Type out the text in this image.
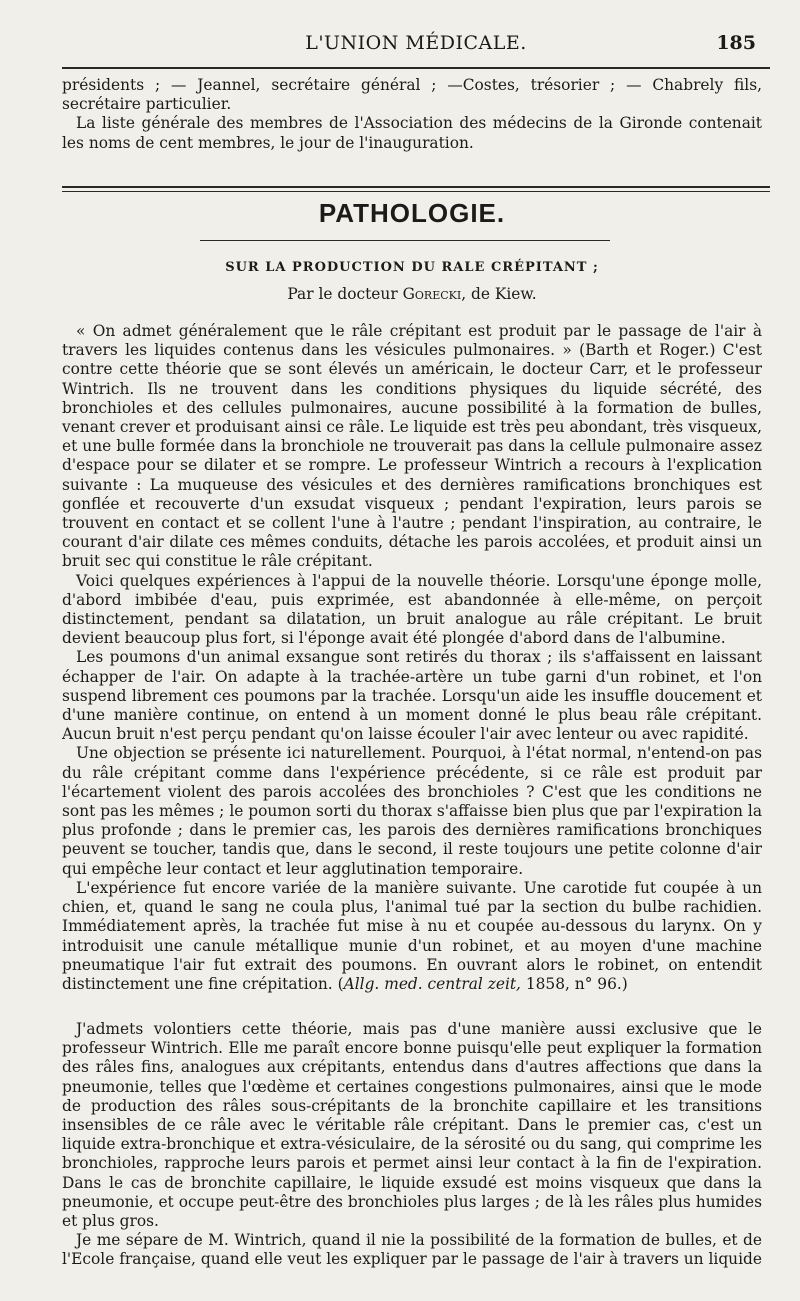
L'UNION MÉDICALE.	185

présidents ; — Jeannel, secrétaire général ; —Costes, trésorier ; — Chabrely fils, secrétaire particulier.

La liste générale des membres de l'Association des médecins de la Gironde contenait les noms de cent membres, le jour de l'inauguration.

PATHOLOGIE.
SUR LA PRODUCTION DU RALE CRÉPITANT ;
Par le docteur Gorecki, de Kiew.

« On admet généralement que le râle crépitant est produit par le passage de l'air à travers les liquides contenus dans les vésicules pulmonaires. » (Barth et Roger.) C'est contre cette théorie que se sont élevés un américain, le docteur Carr, et le professeur Wintrich. Ils ne trouvent dans les conditions physiques du liquide sécrété, des bronchioles et des cellules pulmonaires, aucune possibilité à la formation de bulles, venant crever et produisant ainsi ce râle. Le liquide est très peu abondant, très visqueux, et une bulle formée dans la bronchiole ne trouverait pas dans la cellule pulmonaire assez d'espace pour se dilater et se rompre. Le professeur Wintrich a recours à l'explication suivante : La muqueuse des vésicules et des dernières ramifications bronchiques est gonflée et recouverte d'un exsudat visqueux ; pendant l'expiration, leurs parois se trouvent en contact et se collent l'une à l'autre ; pendant l'inspiration, au contraire, le courant d'air dilate ces mêmes conduits, détache les parois accolées, et produit ainsi un bruit sec qui constitue le râle crépitant.

Voici quelques expériences à l'appui de la nouvelle théorie. Lorsqu'une éponge molle, d'abord imbibée d'eau, puis exprimée, est abandonnée à elle-même, on perçoit distinctement, pendant sa dilatation, un bruit analogue au râle crépitant. Le bruit devient beaucoup plus fort, si l'éponge avait été plongée d'abord dans de l'albumine.

Les poumons d'un animal exsangue sont retirés du thorax ; ils s'affaissent en laissant échapper de l'air. On adapte à la trachée-artère un tube garni d'un robinet, et l'on suspend librement ces poumons par la trachée. Lorsqu'un aide les insuffle doucement et d'une manière continue, on entend à un moment donné le plus beau râle crépitant. Aucun bruit n'est perçu pendant qu'on laisse écouler l'air avec lenteur ou avec rapidité.

Une objection se présente ici naturellement. Pourquoi, à l'état normal, n'entend-on pas du râle crépitant comme dans l'expérience précédente, si ce râle est produit par l'écartement violent des parois accolées des bronchioles ? C'est que les conditions ne sont pas les mêmes ; le poumon sorti du thorax s'affaisse bien plus que par l'expiration la plus profonde ; dans le premier cas, les parois des dernières ramifications bronchiques peuvent se toucher, tandis que, dans le second, il reste toujours une petite colonne d'air qui empêche leur contact et leur agglutination temporaire.

L'expérience fut encore variée de la manière suivante. Une carotide fut coupée à un chien, et, quand le sang ne coula plus, l'animal tué par la section du bulbe rachidien. Immédiatement après, la trachée fut mise à nu et coupée au-dessous du larynx. On y introduisit une canule métallique munie d'un robinet, et au moyen d'une machine pneumatique l'air fut extrait des poumons. En ouvrant alors le robinet, on entendit distinctement une fine crépitation. (Allg. med. central zeit, 1858, n° 96.)

J'admets volontiers cette théorie, mais pas d'une manière aussi exclusive que le professeur Wintrich. Elle me paraît encore bonne puisqu'elle peut expliquer la formation des râles fins, analogues aux crépitants, entendus dans d'autres affections que dans la pneumonie, telles que l'œdème et certaines congestions pulmonaires, ainsi que le mode de production des râles sous-crépitants de la bronchite capillaire et les transitions insensibles de ce râle avec le véritable râle crépitant. Dans le premier cas, c'est un liquide extra-bronchique et extra-vésiculaire, de la sérosité ou du sang, qui comprime les bronchioles, rapproche leurs parois et permet ainsi leur contact à la fin de l'expiration. Dans le cas de bronchite capillaire, le liquide exsudé est moins visqueux que dans la pneumonie, et occupe peut-être des bronchioles plus larges ; de là les râles plus humides et plus gros.

Je me sépare de M. Wintrich, quand il nie la possibilité de la formation de bulles, et de l'Ecole française, quand elle veut les expliquer par le passage de l'air à travers un liquide
